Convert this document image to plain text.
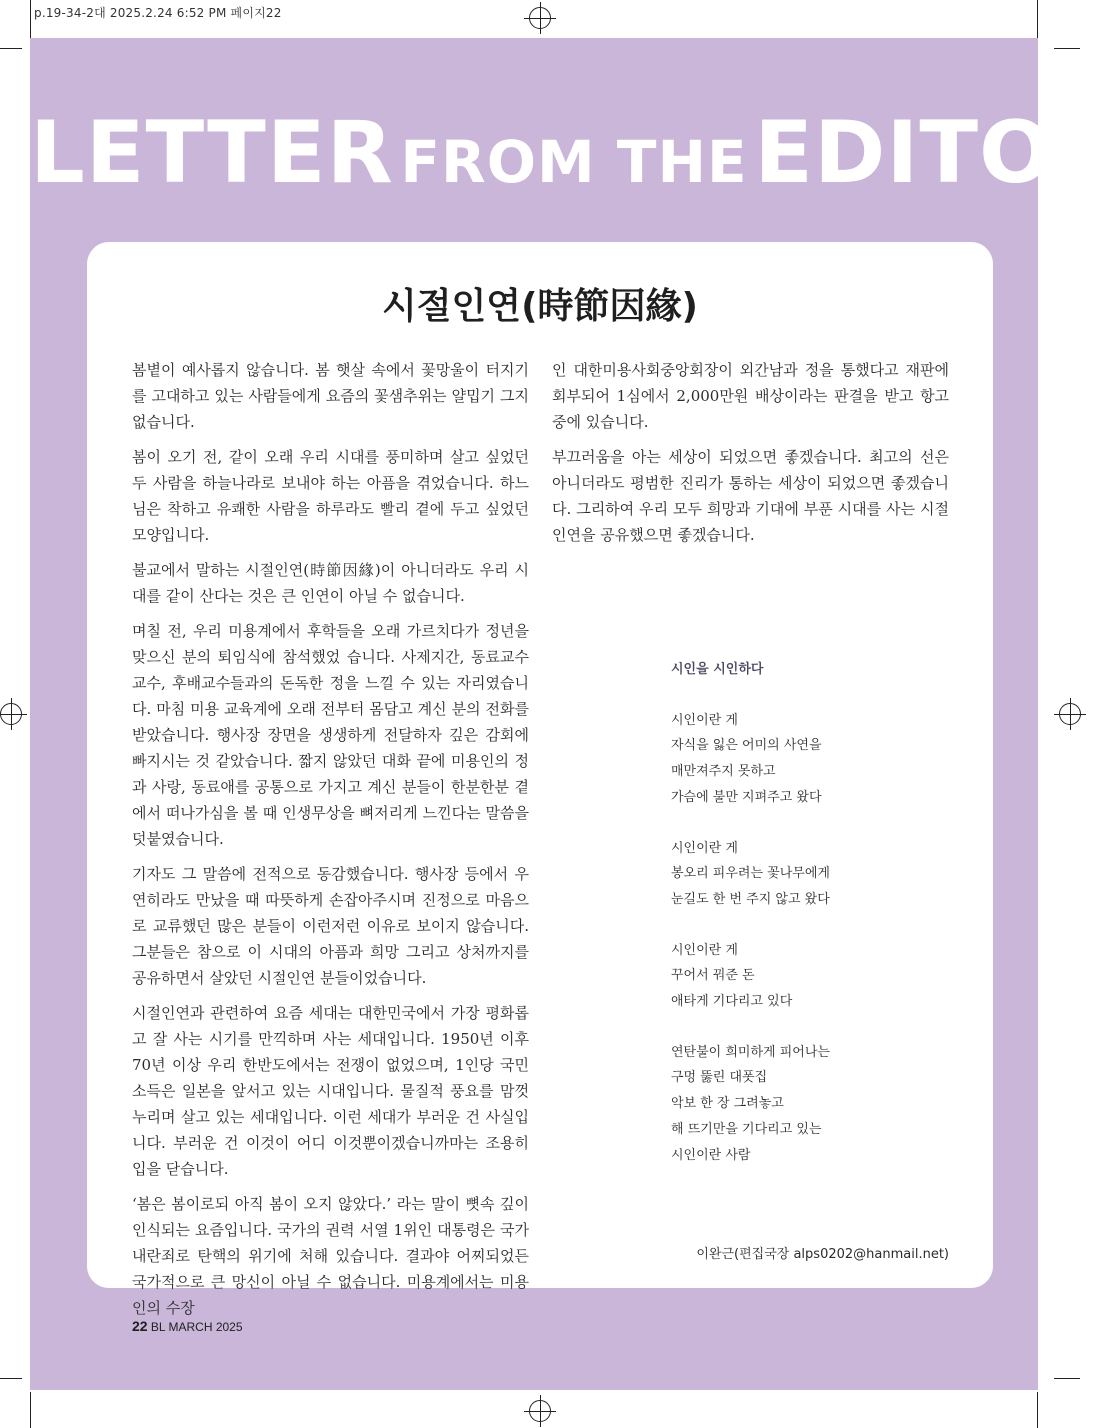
p.19-34-2대 2025.2.24 6:52 PM 페이지22
LETTER FROM THE EDITOR
시절인연(時節因緣)

봄볕이 예사롭지 않습니다. 봄 햇살 속에서 꽃망울이 터지기를 고대하고 있는 사람들에게 요즘의 꽃샘추위는 얄밉기 그지없습니다.

봄이 오기 전, 같이 오래 우리 시대를 풍미하며 살고 싶었던 두 사람을 하늘나라로 보내야 하는 아픔을 겪었습니다. 하느님은 착하고 유쾌한 사람을 하루라도 빨리 곁에 두고 싶었던 모양입니다.

불교에서 말하는 시절인연(時節因緣)이 아니더라도 우리 시대를 같이 산다는 것은 큰 인연이 아닐 수 없습니다.

며칠 전, 우리 미용계에서 후학들을 오래 가르치다가 정년을 맞으신 분의 퇴임식에 참석했었 습니다. 사제지간, 동료교수 교수, 후배교수들과의 돈독한 정을 느낄 수 있는 자리였습니다. 마침 미용 교육계에 오래 전부터 몸담고 계신 분의 전화를 받았습니다. 행사장 장면을 생생하게 전달하자 깊은 감회에 빠지시는 것 같았습니다. 짧지 않았던 대화 끝에 미용인의 정과 사랑, 동료애를 공통으로 가지고 계신 분들이 한분한분 곁에서 떠나가심을 볼 때 인생무상을 뼈저리게 느낀다는 말씀을 덧붙였습니다.

기자도 그 말씀에 전적으로 동감했습니다. 행사장 등에서 우연히라도 만났을 때 따뜻하게 손잡아주시며 진정으로 마음으로 교류했던 많은 분들이 이런저런 이유로 보이지 않습니다. 그분들은 참으로 이 시대의 아픔과 희망 그리고 상처까지를 공유하면서 살았던 시절인연 분들이었습니다.

시절인연과 관련하여 요즘 세대는 대한민국에서 가장 평화롭고 잘 사는 시기를 만끽하며 사는 세대입니다. 1950년 이후 70년 이상 우리 한반도에서는 전쟁이 없었으며, 1인당 국민소득은 일본을 앞서고 있는 시대입니다. 물질적 풍요를 맘껏 누리며 살고 있는 세대입니다. 이런 세대가 부러운 건 사실입니다. 부러운 건 이것이 어디 이것뿐이겠습니까마는 조용히 입을 닫습니다.

‘봄은 봄이로되 아직 봄이 오지 않았다.’ 라는 말이 뼛속 깊이 인식되는 요즘입니다. 국가의 권력 서열 1위인 대통령은 국가 내란죄로 탄핵의 위기에 처해 있습니다. 결과야 어찌되었든 국가적으로 큰 망신이 아닐 수 없습니다. 미용계에서는 미용인의 수장

인 대한미용사회중앙회장이 외간남과 정을 통했다고 재판에 회부되어 1심에서 2,000만원 배상이라는 판결을 받고 항고 중에 있습니다.

부끄러움을 아는 세상이 되었으면 좋겠습니다. 최고의 선은 아니더라도 평범한 진리가 통하는 세상이 되었으면 좋겠습니다. 그리하여 우리 모두 희망과 기대에 부푼 시대를 사는 시절인연을 공유했으면 좋겠습니다.

시인을 시인하다
시인이란 게
자식을 잃은 어미의 사연을
매만져주지 못하고
가슴에 불만 지펴주고 왔다
시인이란 게
봉오리 피우려는 꽃나무에게
눈길도 한 번 주지 않고 왔다
시인이란 게
꾸어서 꿔준 돈
애타게 기다리고 있다
연탄불이 희미하게 피어나는
구멍 뚫린 대폿집
악보 한 장 그려놓고
해 뜨기만을 기다리고 있는
시인이란 사람
이완근(편집국장 alps0202@hanmail.net)
22 BL MARCH 2025
